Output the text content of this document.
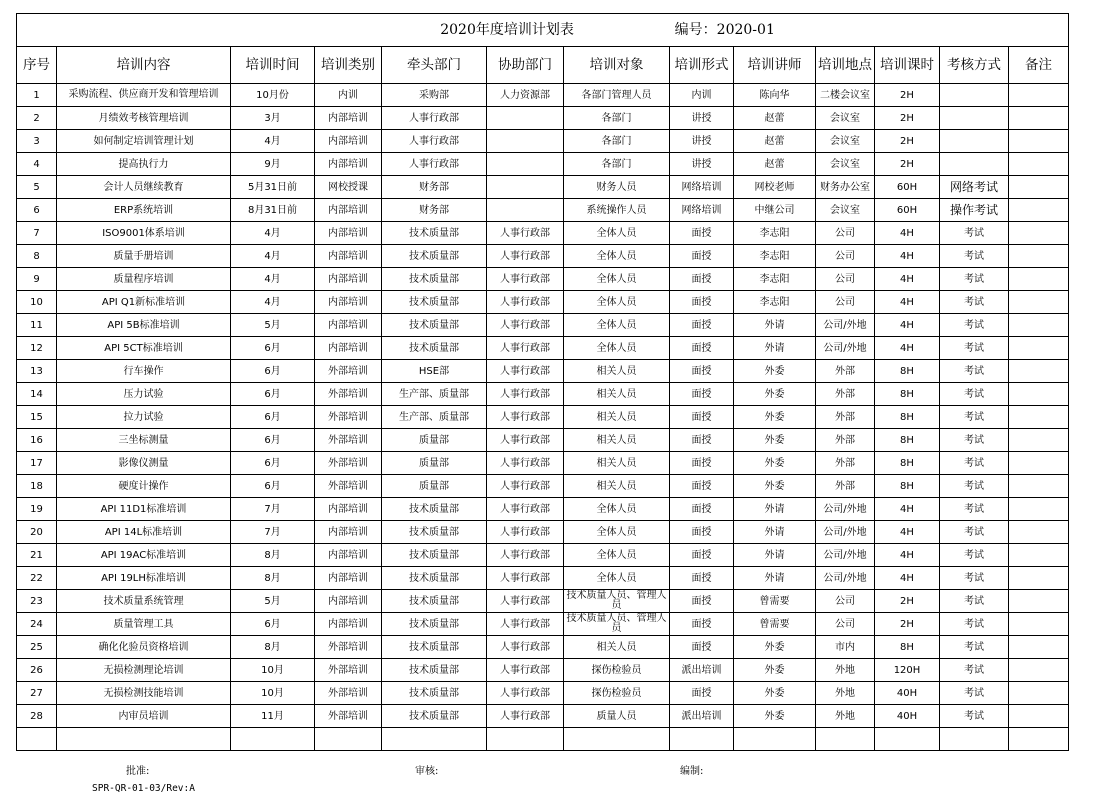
2020年度培训计划表 编号：2020-01												
序号	培训内容	培训时间	培训类别	牵头部门	协助部门	培训对象	培训形式	培训讲师	培训地点	培训课时	考核方式	备注
1	采购流程、供应商开发和管理培训	10月份	内训	采购部	人力资源部	各部门管理人员	内训	陈向华	二楼会议室	2H		
2	月绩效考核管理培训	3月	内部培训	人事行政部		各部门	讲授	赵蕾	会议室	2H		
3	如何制定培训管理计划	4月	内部培训	人事行政部		各部门	讲授	赵蕾	会议室	2H		
4	提高执行力	9月	内部培训	人事行政部		各部门	讲授	赵蕾	会议室	2H		
5	会计人员继续教育	5月31日前	网校授课	财务部		财务人员	网络培训	网校老师	财务办公室	60H	网络考试	
6	ERP系统培训	8月31日前	内部培训	财务部		系统操作人员	网络培训	中继公司	会议室	60H	操作考试	
7	ISO9001体系培训	4月	内部培训	技术质量部	人事行政部	全体人员	面授	李志阳	公司	4H	考试	
8	质量手册培训	4月	内部培训	技术质量部	人事行政部	全体人员	面授	李志阳	公司	4H	考试	
9	质量程序培训	4月	内部培训	技术质量部	人事行政部	全体人员	面授	李志阳	公司	4H	考试	
10	API Q1新标准培训	4月	内部培训	技术质量部	人事行政部	全体人员	面授	李志阳	公司	4H	考试	
11	API 5B标准培训	5月	内部培训	技术质量部	人事行政部	全体人员	面授	外请	公司/外地	4H	考试	
12	API 5CT标准培训	6月	内部培训	技术质量部	人事行政部	全体人员	面授	外请	公司/外地	4H	考试	
13	行车操作	6月	外部培训	HSE部	人事行政部	相关人员	面授	外委	外部	8H	考试	
14	压力试验	6月	外部培训	生产部、质量部	人事行政部	相关人员	面授	外委	外部	8H	考试	
15	拉力试验	6月	外部培训	生产部、质量部	人事行政部	相关人员	面授	外委	外部	8H	考试	
16	三坐标测量	6月	外部培训	质量部	人事行政部	相关人员	面授	外委	外部	8H	考试	
17	影像仪测量	6月	外部培训	质量部	人事行政部	相关人员	面授	外委	外部	8H	考试	
18	硬度计操作	6月	外部培训	质量部	人事行政部	相关人员	面授	外委	外部	8H	考试	
19	API 11D1标准培训	7月	内部培训	技术质量部	人事行政部	全体人员	面授	外请	公司/外地	4H	考试	
20	API 14L标准培训	7月	内部培训	技术质量部	人事行政部	全体人员	面授	外请	公司/外地	4H	考试	
21	API 19AC标准培训	8月	内部培训	技术质量部	人事行政部	全体人员	面授	外请	公司/外地	4H	考试	
22	API 19LH标准培训	8月	内部培训	技术质量部	人事行政部	全体人员	面授	外请	公司/外地	4H	考试	
23	技术质量系统管理	5月	内部培训	技术质量部	人事行政部	技术质量人员、管理人员	面授	曾需要	公司	2H	考试	
24	质量管理工具	6月	内部培训	技术质量部	人事行政部	技术质量人员、管理人员	面授	曾需要	公司	2H	考试	
25	确化化验员资格培训	8月	外部培训	技术质量部	人事行政部	相关人员	面授	外委	市内	8H	考试	
26	无损检测理论培训	10月	外部培训	技术质量部	人事行政部	探伤检验员	派出培训	外委	外地	120H	考试	
27	无损检测技能培训	10月	外部培训	技术质量部	人事行政部	探伤检验员	面授	外委	外地	40H	考试	
28	内审员培训	11月	外部培训	技术质量部	人事行政部	质量人员	派出培训	外委	外地	40H	考试	

批准:	审核:	编制:
SPR-QR-01-03/Rev:A
